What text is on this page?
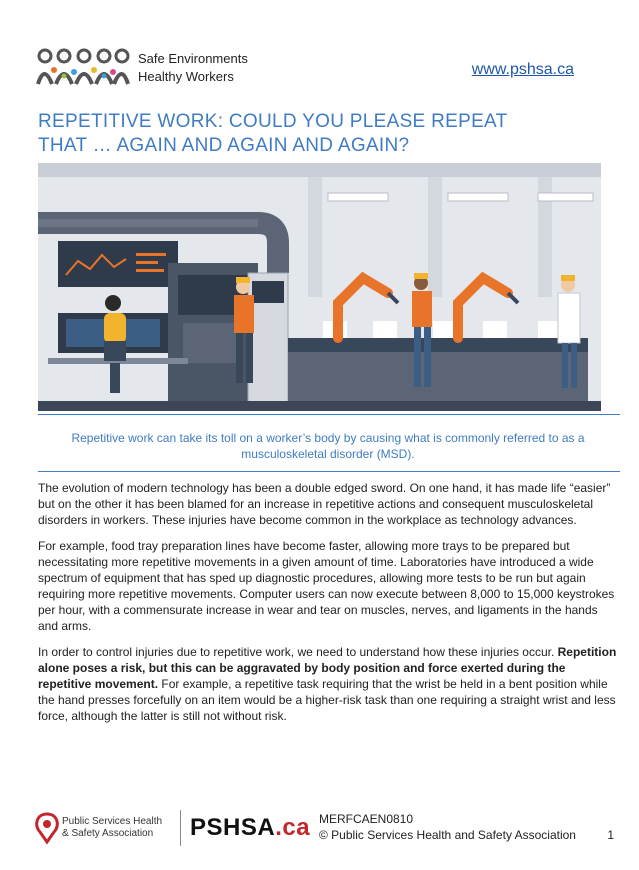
Safe Environments
Healthy Workers	www.pshsa.ca
REPETITIVE WORK: COULD YOU PLEASE REPEAT
THAT … AGAIN AND AGAIN AND AGAIN?
Repetitive work can take its toll on a worker’s body by causing what is commonly referred to as a musculoskeletal disorder (MSD).

The evolution of modern technology has been a double edged sword. On one hand, it has made life “easier” but on the other it has been blamed for an increase in repetitive actions and consequent musculoskeletal disorders in workers. These injuries have become common in the workplace as technology advances.

For example, food tray preparation lines have become faster, allowing more trays to be prepared but necessitating more repetitive movements in a given amount of time. Laboratories have introduced a wide spectrum of equipment that has sped up diagnostic procedures, allowing more tests to be run but again requiring more repetitive movements. Computer users can now execute between 8,000 to 15,000 keystrokes per hour, with a commensurate increase in wear and tear on muscles, nerves, and ligaments in the hands and arms.

In order to control injuries due to repetitive work, we need to understand how these injuries occur. Repetition alone poses a risk, but this can be aggravated by body position and force exerted during the repetitive movement. For example, a repetitive task requiring that the wrist be held in a bent position while the hand presses forcefully on an item would be a higher-risk task than one requiring a straight wrist and less force, although the latter is still not without risk.

Public Services Health
& Safety Association	PSHSA.ca MERFCAEN0810
© Public Services Health and Safety Association	1
